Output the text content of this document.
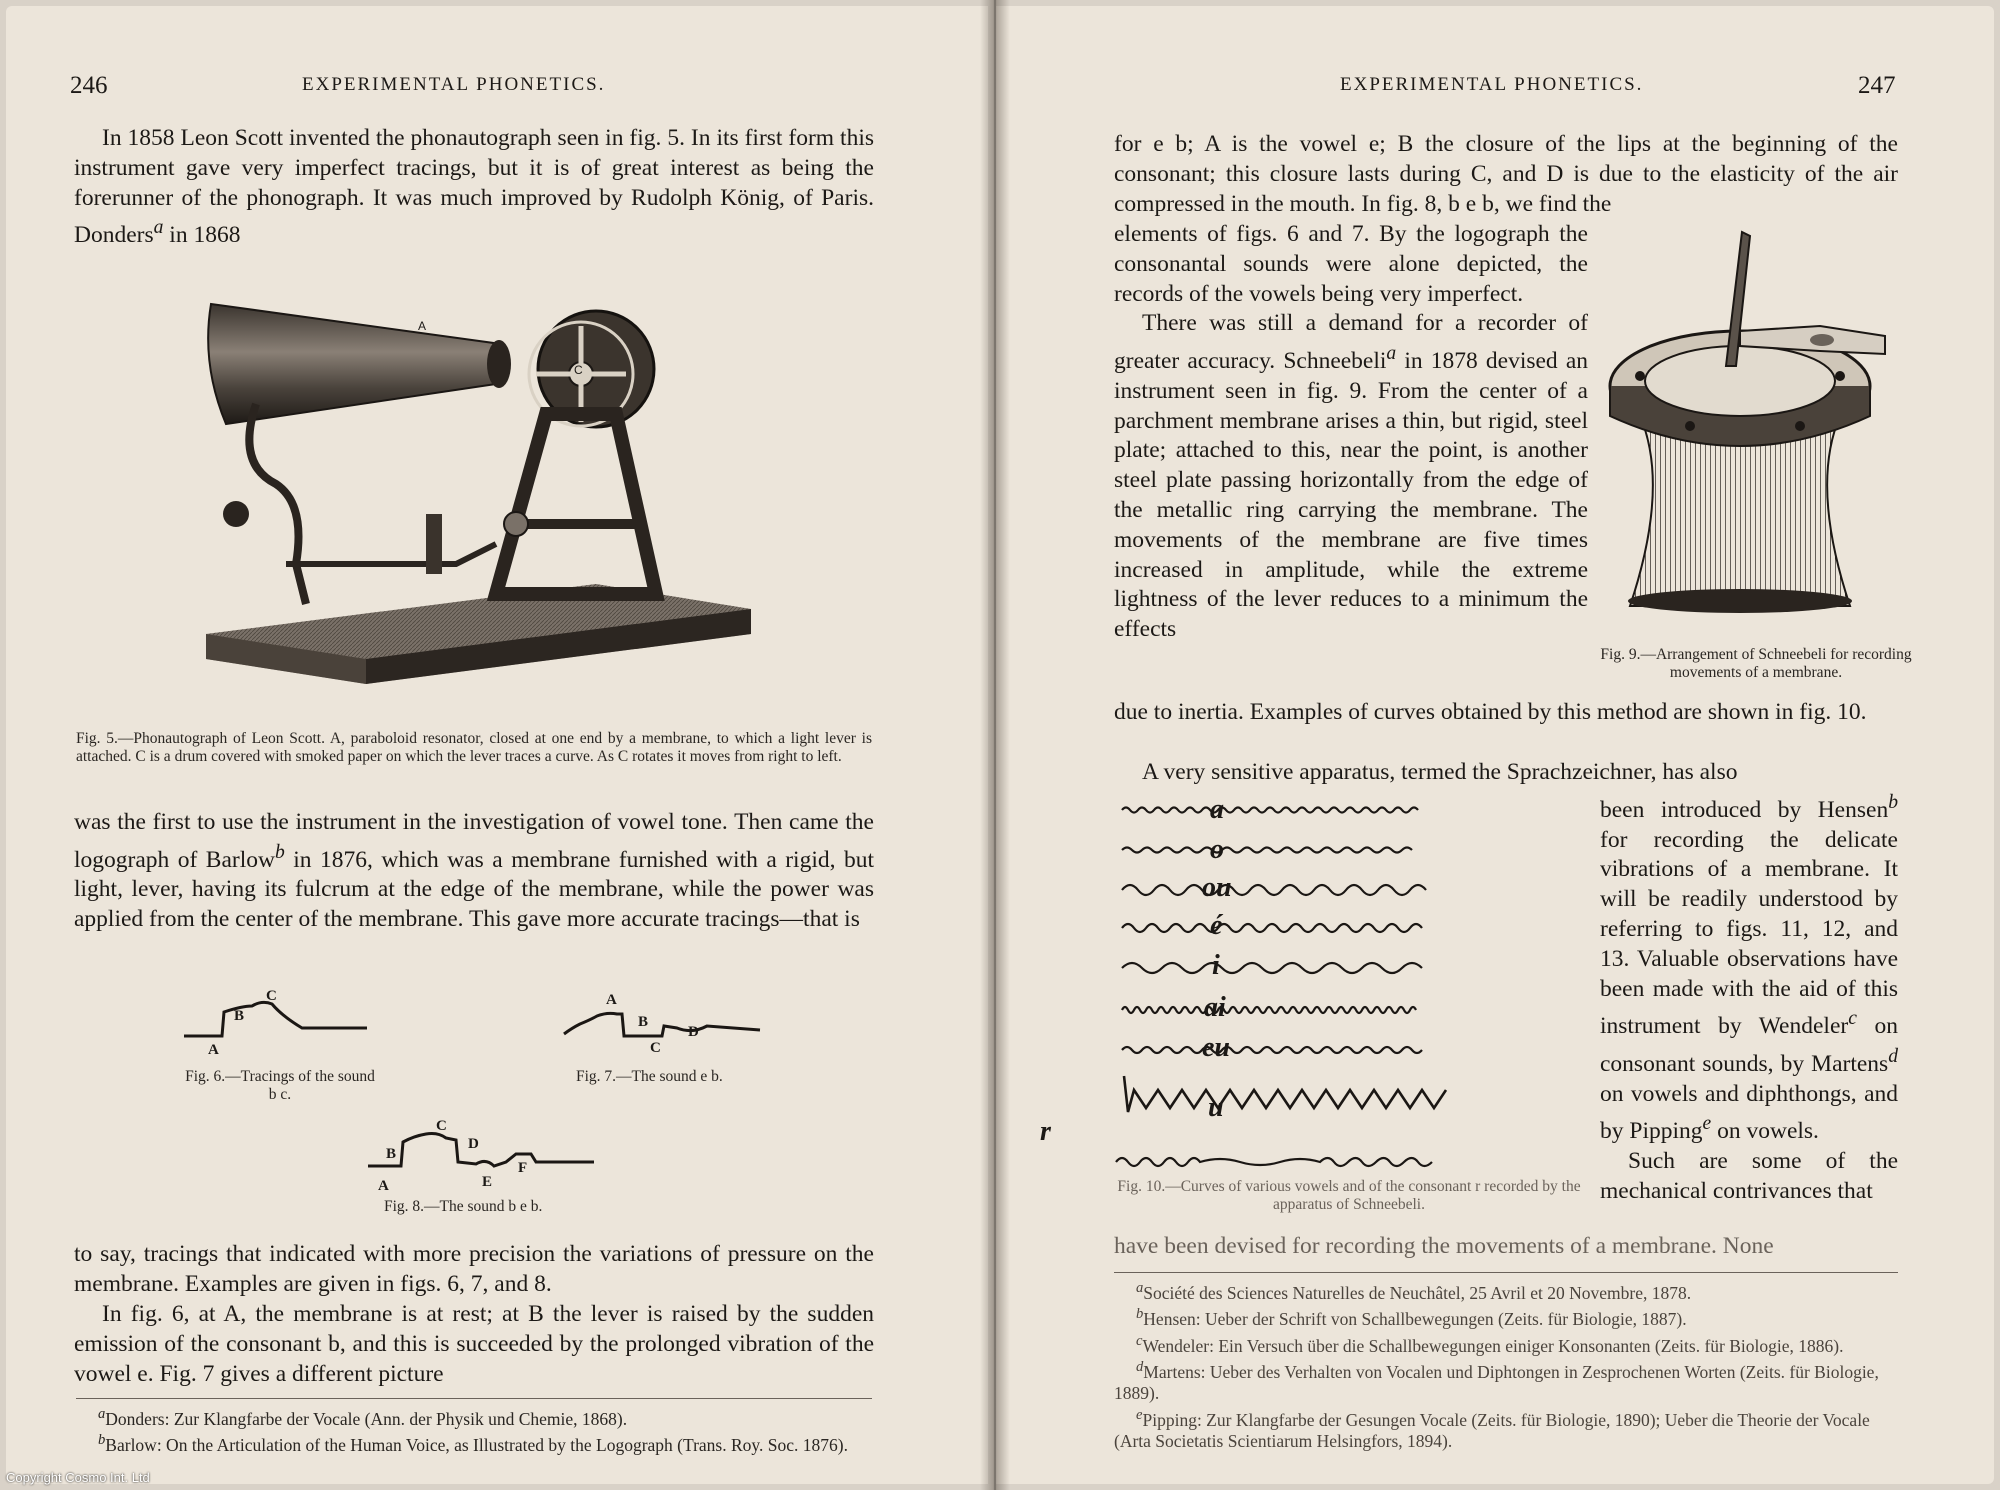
246	EXPERIMENTAL PHONETICS.

In 1858 Leon Scott invented the phonautograph seen in fig. 5. In its first form this instrument gave very imperfect tracings, but it is of great interest as being the forerunner of the phonograph. It was much improved by Rudolph König, of Paris. Donders$^a$ in 1868

A
C
Fig. 5.—Phonautograph of Leon Scott. A, paraboloid resonator, closed at one end by a membrane, to which a light lever is attached. C is a drum covered with smoked paper on which the lever traces a curve. As C rotates it moves from right to left.

was the first to use the instrument in the investigation of vowel tone. Then came the logograph of Barlow$^b$ in 1876, which was a membrane furnished with a rigid, but light, lever, having its fulcrum at the edge of the membrane, while the power was applied from the center of the membrane. This gave more accurate tracings—that is

A
B
C
Fig. 6.—Tracings of the sound b c.
A
B
C
D
Fig. 7.—The sound e b.
A
B
C
D
E
F
Fig. 8.—The sound b e b.

to say, tracings that indicated with more precision the variations of pressure on the membrane. Examples are given in figs. 6, 7, and 8.

In fig. 6, at A, the membrane is at rest; at B the lever is raised by the sudden emission of the consonant b, and this is succeeded by the prolonged vibration of the vowel e. Fig. 7 gives a different picture

$^a$Donders: Zur Klangfarbe der Vocale (Ann. der Physik und Chemie, 1868).
$^b$Barlow: On the Articulation of the Human Voice, as Illustrated by the Logograph (Trans. Roy. Soc. 1876).
EXPERIMENTAL PHONETICS.	247

for e b; A is the vowel e; B the closure of the lips at the beginning of the consonant; this closure lasts during C, and D is due to the elasticity of the air compressed in the mouth. In fig. 8, b e b, we find the

elements of figs. 6 and 7. By the logograph the consonantal sounds were alone depicted, the records of the vowels being very imperfect.

There was still a demand for a recorder of greater accuracy. Schneebeli$^a$ in 1878 devised an instrument seen in fig. 9. From the center of a parchment membrane arises a thin, but rigid, steel plate; attached to this, near the point, is another steel plate passing horizontally from the edge of the metallic ring carrying the membrane. The movements of the membrane are five times increased in amplitude, while the extreme lightness of the lever reduces to a minimum the effects

Fig. 9.—Arrangement of Schneebeli for recording movements of a membrane.

due to inertia. Examples of curves obtained by this method are shown in fig. 10.

A very sensitive apparatus, termed the Sprachzeichner, has also

a
o
ou
é
i
ai
eu
u
r
Fig. 10.—Curves of various vowels and of the consonant r recorded by the apparatus of Schneebeli.

been introduced by Hensen$^b$ for recording the delicate vibrations of a membrane. It will be readily understood by referring to figs. 11, 12, and 13. Valuable observations have been made with the aid of this instrument by Wendeler$^c$ on consonant sounds, by Martens$^d$ on vowels and diphthongs, and by Pipping$^e$ on vowels.

Such are some of the mechanical contrivances that

have been devised for recording the movements of a membrane. None

$^a$Société des Sciences Naturelles de Neuchâtel, 25 Avril et 20 Novembre, 1878.
$^b$Hensen: Ueber der Schrift von Schallbewegungen (Zeits. für Biologie, 1887).
$^c$Wendeler: Ein Versuch über die Schallbewegungen einiger Konsonanten (Zeits. für Biologie, 1886).
$^d$Martens: Ueber des Verhalten von Vocalen und Diphtongen in Zesprochenen Worten (Zeits. für Biologie, 1889).
$^e$Pipping: Zur Klangfarbe der Gesungen Vocale (Zeits. für Biologie, 1890); Ueber die Theorie der Vocale (Arta Societatis Scientiarum Helsingfors, 1894).
Copyright Cosmo Int. Ltd
